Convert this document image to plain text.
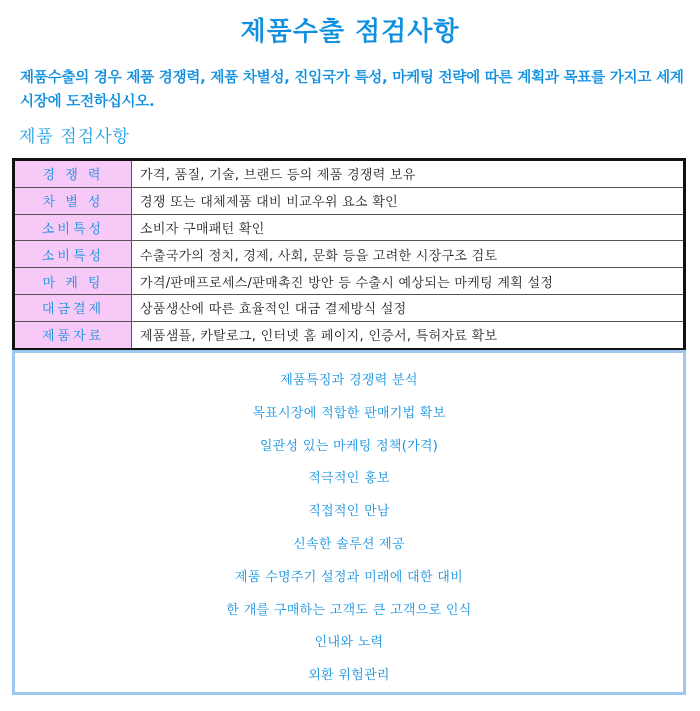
제품수출 점검사항
제품수출의 경우 제품 경쟁력, 제품 차별성, 진입국가 특성, 마케팅 전략에 따른 계획과 목표를 가지고 세계시장에 도전하십시오.
제품 점검사항
경 쟁 력	가격, 품질, 기술, 브랜드 등의 제품 경쟁력 보유
차 별 성	경쟁 또는 대체제품 대비 비교우위 요소 확인
소비특성	소비자 구매패턴 확인
소비특성	수출국가의 정치, 경제, 사회, 문화 등을 고려한 시장구조 검토
마 케 팅	가격/판매프로세스/판매촉진 방안 등 수출시 예상되는 마케팅 계획 설정
대금결제	상품생산에 따른 효율적인 대금 결제방식 설정
제품자료	제품샘플, 카탈로그, 인터넷 홈 페이지, 인증서, 특허자료 확보
제품특징과 경쟁력 분석
목표시장에 적합한 판매기법 확보
일관성 있는 마케팅 정책(가격)
적극적인 홍보
직접적인 만남
신속한 솔루션 제공
제품 수명주기 설정과 미래에 대한 대비
한 개를 구매하는 고객도 큰 고객으로 인식
인내와 노력
외환 위험관리
